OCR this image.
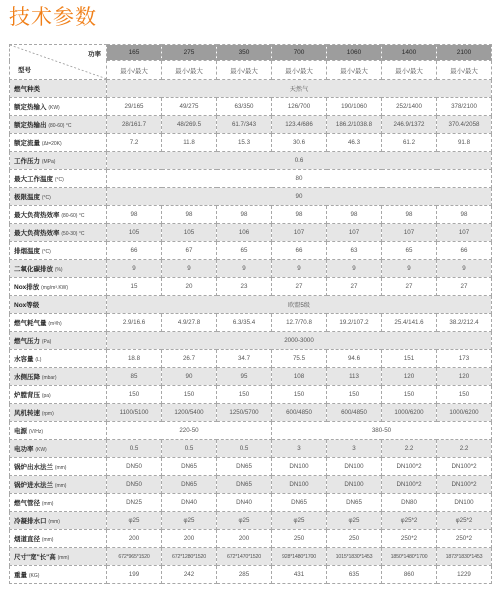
技术参数
功率
型号	165	275	350	700	1060	1400	2100
	最小/最大	最小/最大	最小/最大	最小/最大	最小/最大	最小/最大	最小/最大
燃气种类	天然气						
额定热输入 (KW)	29/165	49/275	63/350	126/700	190/1060	252/1400	378/2100
额定热输出 (80-60) °C	28/161.7	48/269.5	61.7/343	123.4/686	186.2/1038.8	246.9/1372	370.4/2058
额定流量 (Δt=20K)	7.2	11.8	15.3	30.6	46.3	61.2	91.8
工作压力 (MPa)	0.6						
最大工作温度 (°C)	80						
极限温度 (°C)	90						
最大负荷热效率 (80-60) °C	98	98	98	98	98	98	98
最大负荷热效率 (50-30) °C	105	105	106	107	107	107	107
排烟温度 (°C)	66	67	65	66	63	65	66
二氧化碳排放 (%)	9	9	9	9	9	9	9
Nox排放 (mg/m³.KW)	15	20	23	27	27	27	27
Nox等级	欧盟5级						
燃气耗气量 (m³/h)	2.9/16.6	4.9/27.8	6.3/35.4	12.7/70.8	19.2/107.2	25.4/141.6	38.2/212.4
燃气压力 (Pa)	2000-3000						
水容量 (L)	18.8	26.7	34.7	75.5	94.6	151	173
水侧压降 (mbar)	85	90	95	108	113	120	120
炉膛背压 (pa)	150	150	150	150	150	150	150
风机转速 (rpm)	1100/5100	1200/5400	1250/5700	600/4850	600/4850	1000/6200	1000/6200
电源 (V/Hz)	220-50			380-50			
电功率 (KW)	0.5	0.5	0.5	3	3	2.2	2.2
锅炉出水法兰 (mm)	DN50	DN65	DN65	DN100	DN100	DN100*2	DN100*2
锅炉进水法兰 (mm)	DN50	DN65	DN65	DN100	DN100	DN100*2	DN100*2
燃气管径 (mm)	DN25	DN40	DN40	DN65	DN65	DN80	DN100
冷凝排水口 (mm)	φ25	φ25	φ25	φ25	φ25	φ25*2	φ25*2
烟道直径 (mm)	200	200	200	250	250	250*2	250*2
尺寸"宽"长"高 (mm)	672*965*1520	672*1280*1520	672*1470*1520	928*1480*1700	1015*1830*1453	1850*1480*1700	1873*1830*1453
重量 (KG)	199	242	285	431	635	860	1229
